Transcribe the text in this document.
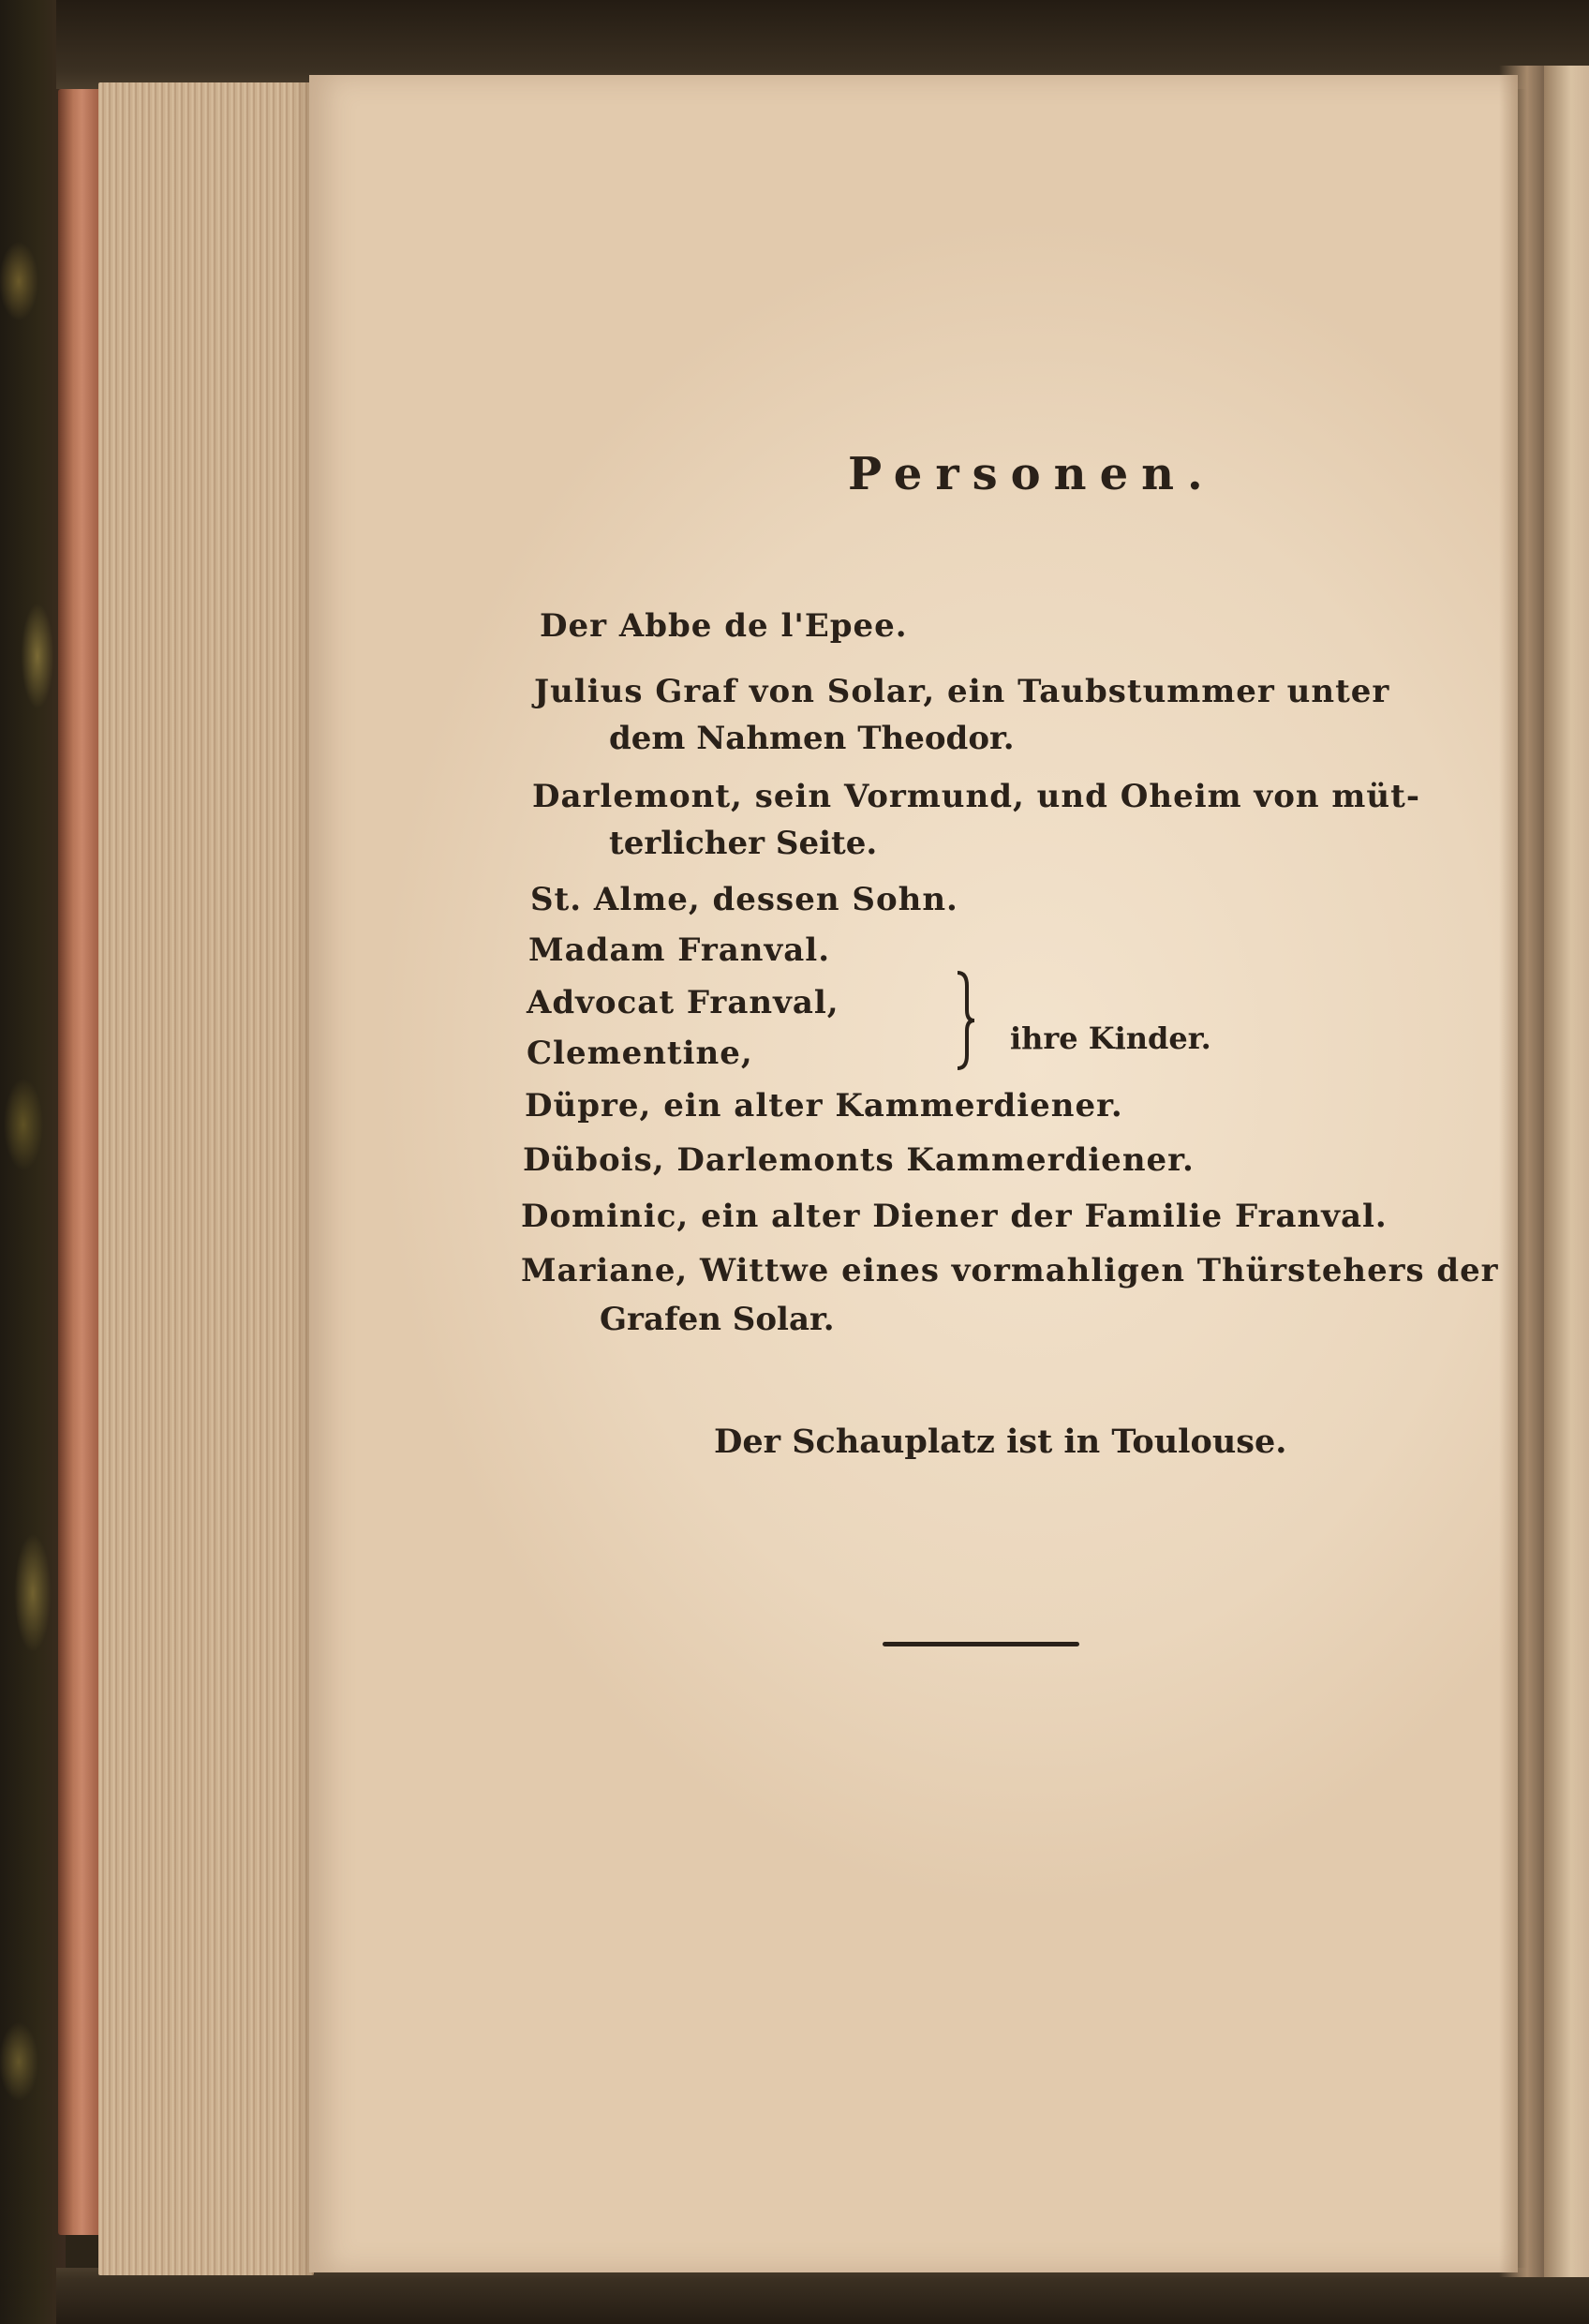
Personen.
Der Abbe de l'Epee.
Julius Graf von Solar, ein Taubstummer unter
dem Nahmen Theodor.
Darlemont, sein Vormund, und Oheim von müt-
terlicher Seite.
St. Alme, dessen Sohn.
Madam Franval.
Advocat Franval,
Clementine,	ihre Kinder.
Düpre, ein alter Kammerdiener.
Dübois, Darlemonts Kammerdiener.
Dominic, ein alter Diener der Familie Franval.
Mariane, Wittwe eines vormahligen Thürstehers der
Grafen Solar.
Der Schauplatz ist in Toulouse.
